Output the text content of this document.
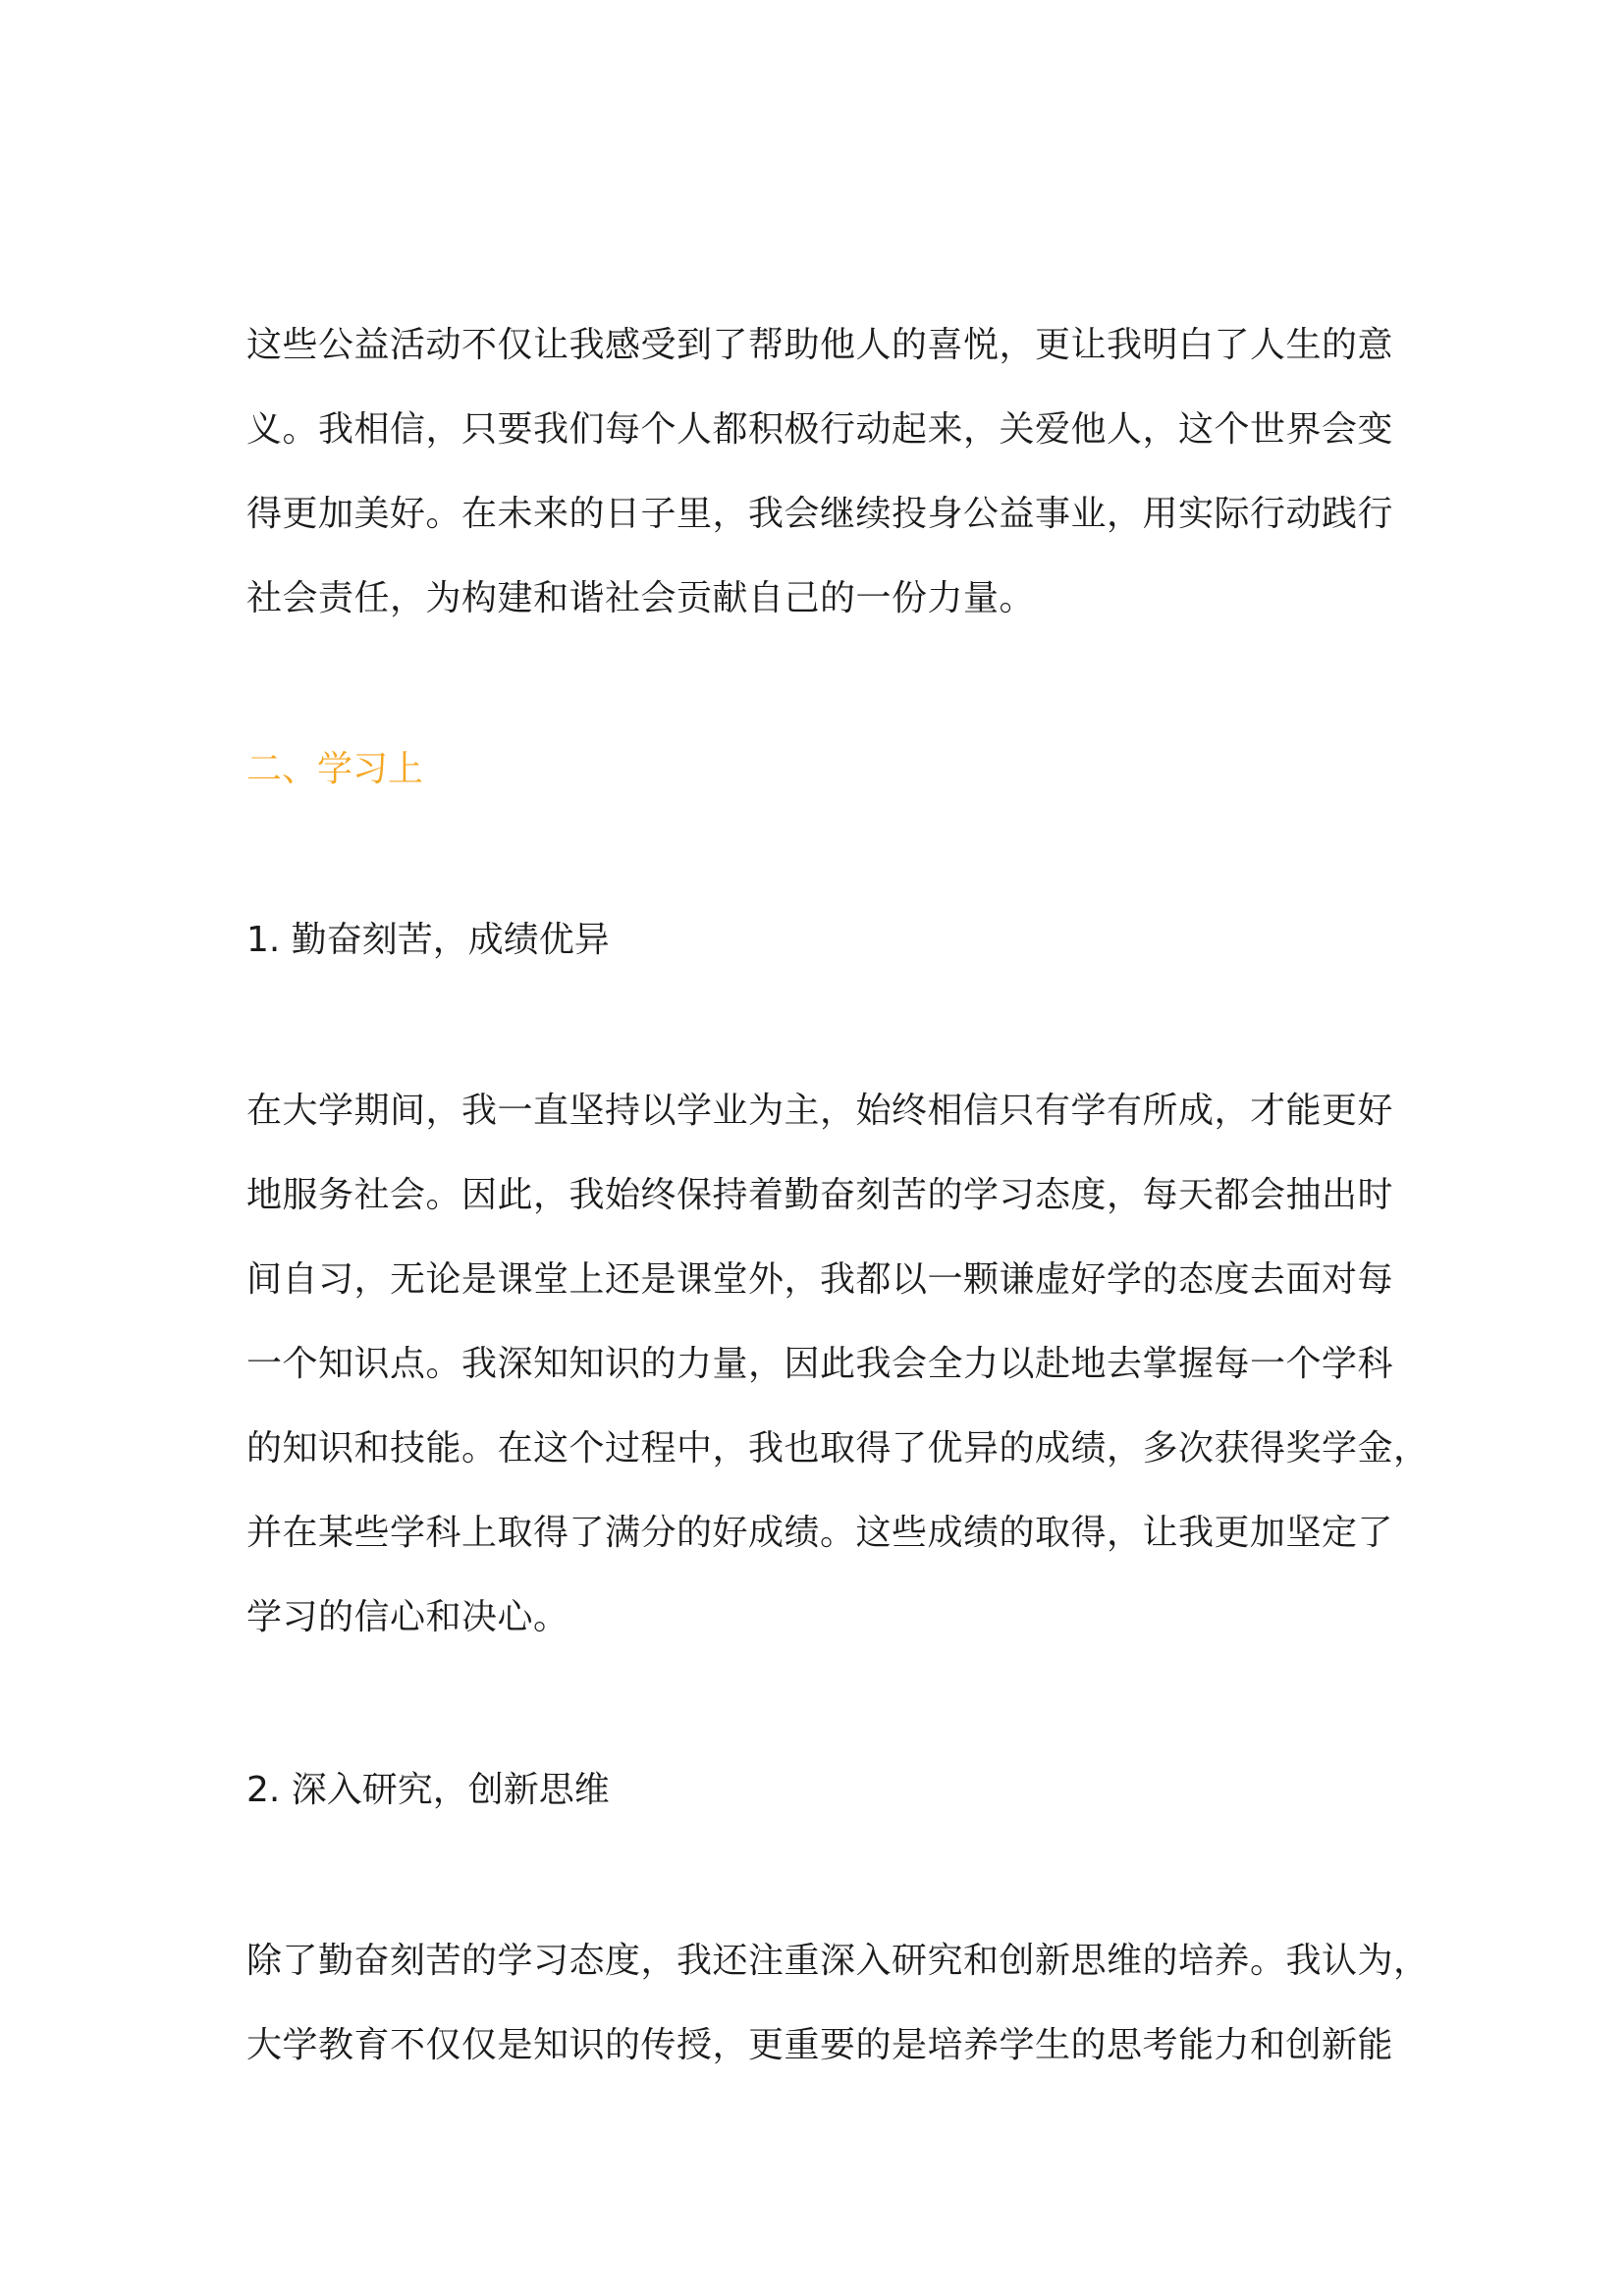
这些公益活动不仅让我感受到了帮助他人的喜悦，更让我明白了人生的意
义。我相信，只要我们每个人都积极行动起来，关爱他人，这个世界会变
得更加美好。在未来的日子里，我会继续投身公益事业，用实际行动践行
社会责任，为构建和谐社会贡献自己的一份力量。
二、学习上
1. 勤奋刻苦，成绩优异
在大学期间，我一直坚持以学业为主，始终相信只有学有所成，才能更好
地服务社会。因此，我始终保持着勤奋刻苦的学习态度，每天都会抽出时
间自习，无论是课堂上还是课堂外，我都以一颗谦虚好学的态度去面对每
一个知识点。我深知知识的力量，因此我会全力以赴地去掌握每一个学科
的知识和技能。在这个过程中，我也取得了优异的成绩，多次获得奖学金，
并在某些学科上取得了满分的好成绩。这些成绩的取得，让我更加坚定了
学习的信心和决心。
2. 深入研究，创新思维
除了勤奋刻苦的学习态度，我还注重深入研究和创新思维的培养。我认为，
大学教育不仅仅是知识的传授，更重要的是培养学生的思考能力和创新能
